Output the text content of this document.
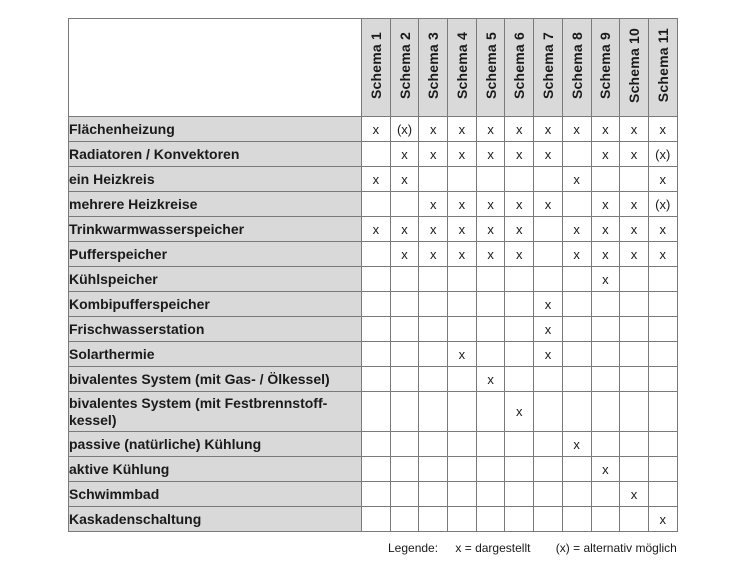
	Schema 1	Schema 2	Schema 3	Schema 4	Schema 5	Schema 6	Schema 7	Schema 8	Schema 9	Schema 10	Schema 11
Flächenheizung	x	(x)	x	x	x	x	x	x	x	x	x
Radiatoren / Konvektoren		x	x	x	x	x	x		x	x	(x)
ein Heizkreis	x	x						x			x
mehrere Heizkreise			x	x	x	x	x		x	x	(x)
Trinkwarmwasserspeicher	x	x	x	x	x	x		x	x	x	x
Pufferspeicher		x	x	x	x	x		x	x	x	x
Kühlspeicher									x		
Kombipufferspeicher							x				
Frischwasserstation							x				
Solarthermie				x			x				
bivalentes System (mit Gas- / Ölkessel)					x						
bivalentes System (mit Festbrennstoff-kessel)						x					
passive (natürliche) Kühlung								x			
aktive Kühlung									x		
Schwimmbad										x	
Kaskadenschaltung											x
Legende: x = dargestellt (x) = alternativ möglich
